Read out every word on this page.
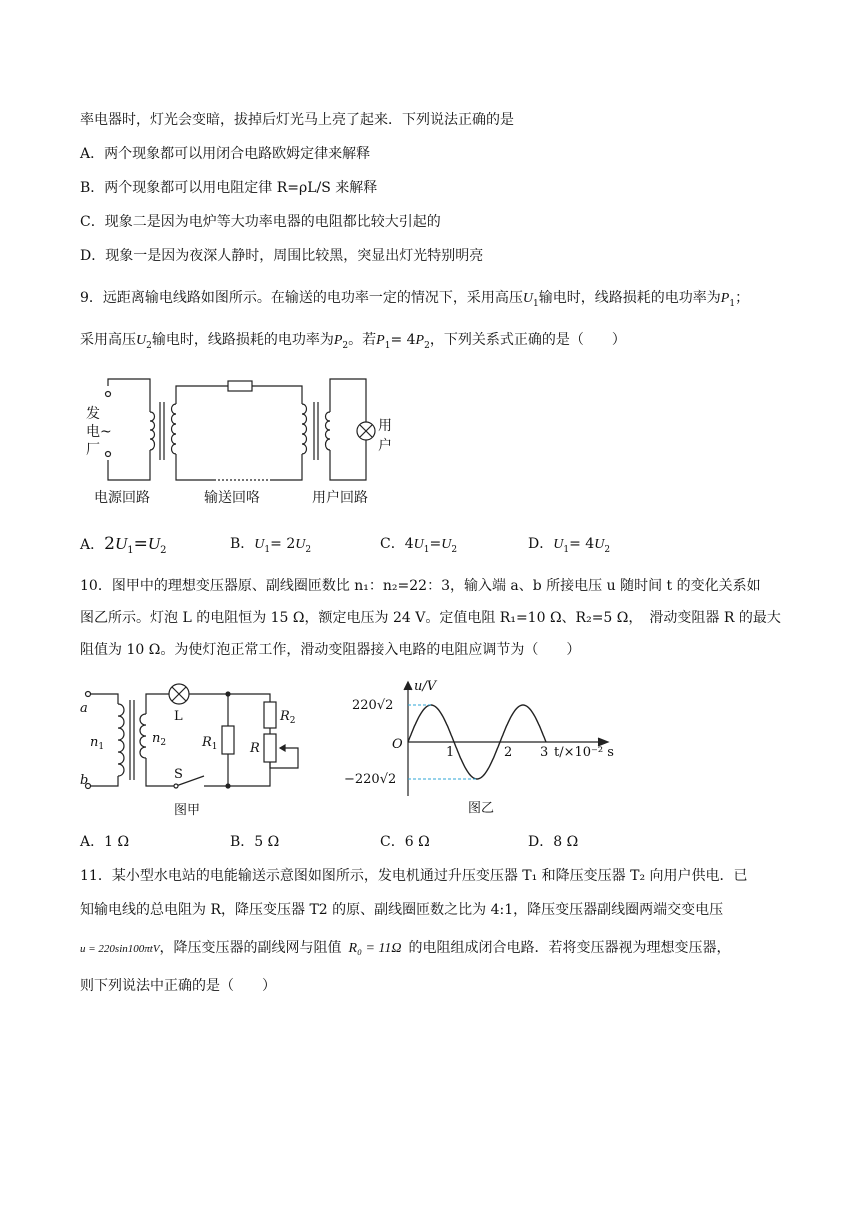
率电器时，灯光会变暗，拔掉后灯光马上亮了起来．下列说法正确的是
A．两个现象都可以用闭合电路欧姆定律来解释
B．两个现象都可以用电阻定律 R=ρL/S 来解释
C．现象二是因为电炉等大功率电器的电阻都比较大引起的
D．现象一是因为夜深人静时，周围比较黑，突显出灯光特别明亮
9．远距离输电线路如图所示。在输送的电功率一定的情况下，采用高压$U_1$输电时，线路损耗的电功率为$P_1$；
采用高压$U_2$输电时，线路损耗的电功率为$P_2$。若$P_1= 4P_2$，下列关系式正确的是（　　）
发
电~
厂
用
户
电源回路	输送回咯	用户回路
A．$2U_1=U_2$	B．$U_1= 2U_2$	C．$4U_1=U_2$	D．$U_1= 4U_2$
10．图甲中的理想变压器原、副线圈匝数比 n₁：n₂=22：3，输入端 a、b 所接电压 u 随时间 t 的变化关系如
图乙所示。灯泡 L 的电阻恒为 15 Ω，额定电压为 24 V。定值电阻 R₁=10 Ω、R₂=5 Ω，　滑动变阻器 R 的最大
阻值为 10 Ω。为使灯泡正常工作，滑动变阻器接入电路的电阻应调节为（　　）
a
b
$n_1$
$n_2$
L
S
$R_1$
$R_2$
R
图甲
u/V
220√2
−220√2
O
1	2 3 t/×10⁻² s
图乙
A．1 Ω	B．5 Ω	C．6 Ω	D．8 Ω
11．某小型水电站的电能输送示意图如图所示，发电机通过升压变压器 T₁ 和降压变压器 T₂ 向用户供电．已
知输电线的总电阻为 R，降压变压器 T2 的原、副线圈匝数之比为 4:1，降压变压器副线圈两端交变电压
u = 220sin100πtV，降压变压器的副线网与阻值  R₀ = 11Ω  的电阻组成闭合电路．若将变压器视为理想变压器，
则下列说法中正确的是（　　）
